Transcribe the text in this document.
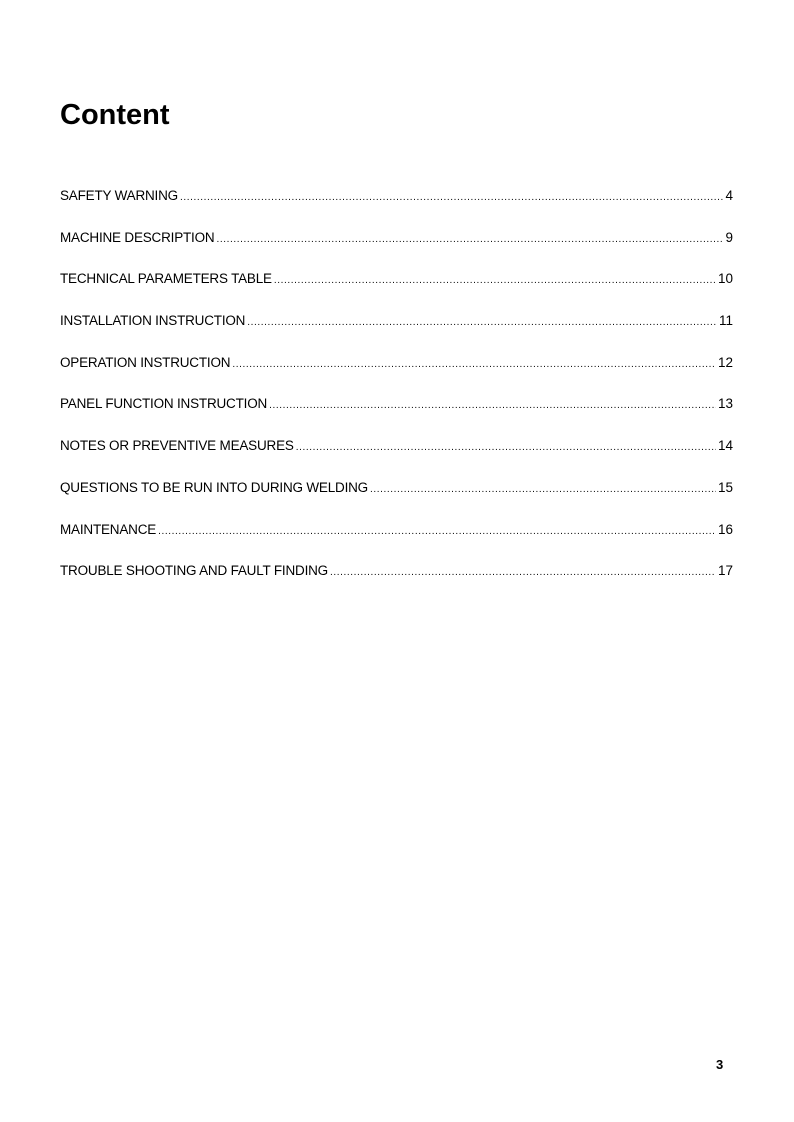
Content
SAFETY WARNING .....	4
MACHINE DESCRIPTION .....	9
TECHNICAL PARAMETERS TABLE .....	10
INSTALLATION INSTRUCTION .....	11
OPERATION INSTRUCTION .....	12
PANEL FUNCTION INSTRUCTION .....	13
NOTES OR PREVENTIVE MEASURES .....	14
QUESTIONS TO BE RUN INTO DURING WELDING .....	15
MAINTENANCE .....	16
TROUBLE SHOOTING AND FAULT FINDING .....	17
3
